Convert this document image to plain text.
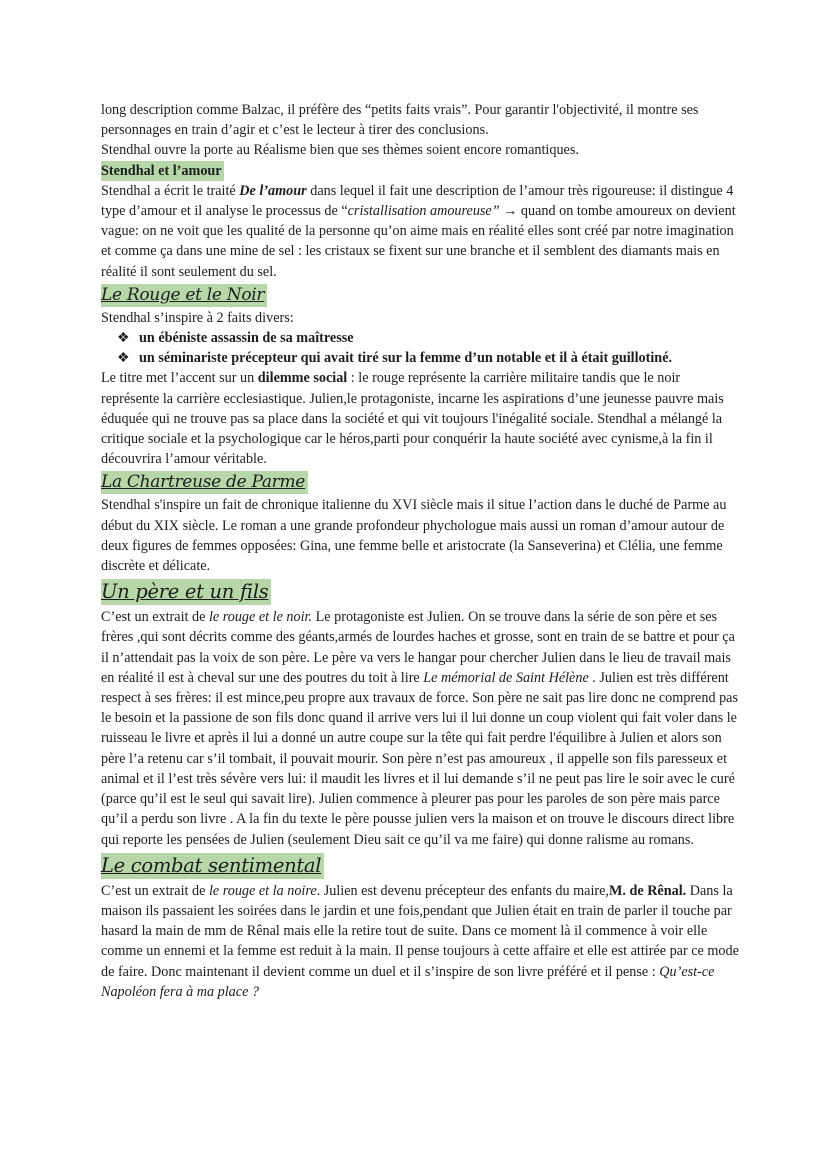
long description comme Balzac, il préfère des “petits faits vrais”. Pour garantir l'objectivité, il montre ses personnages en train d’agir et c’est le lecteur à tirer des conclusions.

Stendhal ouvre la porte au Réalisme bien que ses thèmes soient encore romantiques.

Stendhal et l’amour

Stendhal a écrit le traité De l’amour dans lequel il fait une description de l’amour très rigoureuse: il distingue 4 type d’amour et il analyse le processus de “cristallisation amoureuse” → quand on tombe amoureux on devient vague: on ne voit que les qualité de la personne qu’on aime mais en réalité elles sont créé par notre imagination et comme ça dans une mine de sel : les cristaux se fixent sur une branche et il semblent des diamants mais en réalité il sont seulement du sel.

Le Rouge et le Noir

Stendhal s’inspire à 2 faits divers:

❖ un ébéniste assassin de sa maîtresse
❖ un séminariste précepteur qui avait tiré sur la femme d’un notable et il à était guillotiné.

Le titre met l’accent sur un dilemme social : le rouge représente la carrière militaire tandis que le noir représente la carrière ecclesiastique. Julien,le protagoniste, incarne les aspirations d’une jeunesse pauvre mais éduquée qui ne trouve pas sa place dans la société et qui vit toujours l'inégalité sociale. Stendhal a mélangé la critique sociale et la psychologique car le héros,parti pour conquérir la haute société avec cynisme,à la fin il découvrira l’amour véritable.

La Chartreuse de Parme

Stendhal s'inspire un fait de chronique italienne du XVI siècle mais il situe l’action dans le duché de Parme au début du XIX siècle. Le roman a une grande profondeur phychologue mais aussi un roman d’amour autour de deux figures de femmes opposées: Gina, une femme belle et aristocrate (la Sanseverina) et Clélia, une femme discrète et délicate.

Un père et un fils

C’est un extrait de le rouge et le noir. Le protagoniste est Julien. On se trouve dans la série de son père et ses frères ,qui sont décrits comme des géants,armés de lourdes haches et grosse, sont en train de se battre et pour ça il n’attendait pas la voix de son père. Le père va vers le hangar pour chercher Julien dans le lieu de travail mais en réalité il est à cheval sur une des poutres du toit à lire Le mémorial de Saint Hélène . Julien est très différent respect à ses frères: il est mince,peu propre aux travaux de force. Son père ne sait pas lire donc ne comprend pas le besoin et la passione de son fils donc quand il arrive vers lui il lui donne un coup violent qui fait voler dans le ruisseau le livre et après il lui a donné un autre coupe sur la tête qui fait perdre l'équilibre à Julien et alors son père l’a retenu car s’il tombait, il pouvait mourir. Son père n’est pas amoureux , il appelle son fils paresseux et animal et il l’est très sévère vers lui: il maudit les livres et il lui demande s’il ne peut pas lire le soir avec le curé (parce qu’il est le seul qui savait lire). Julien commence à pleurer pas pour les paroles de son père mais parce qu’il a perdu son livre . A la fin du texte le père pousse julien vers la maison et on trouve le discours direct libre qui reporte les pensées de Julien (seulement Dieu sait ce qu’il va me faire) qui donne ralisme au romans.

Le combat sentimental

C’est un extrait de le rouge et la noire. Julien est devenu précepteur des enfants du maire,M. de Rênal. Dans la maison ils passaient les soirées dans le jardin et une fois,pendant que Julien était en train de parler il touche par hasard la main de mm de Rênal mais elle la retire tout de suite. Dans ce moment là il commence à voir elle comme un ennemi et la femme est reduit à la main. Il pense toujours à cette affaire et elle est attirée par ce mode de faire. Donc maintenant il devient comme un duel et il s’inspire de son livre préféré et il pense : Qu’est-ce Napoléon fera à ma place ?
